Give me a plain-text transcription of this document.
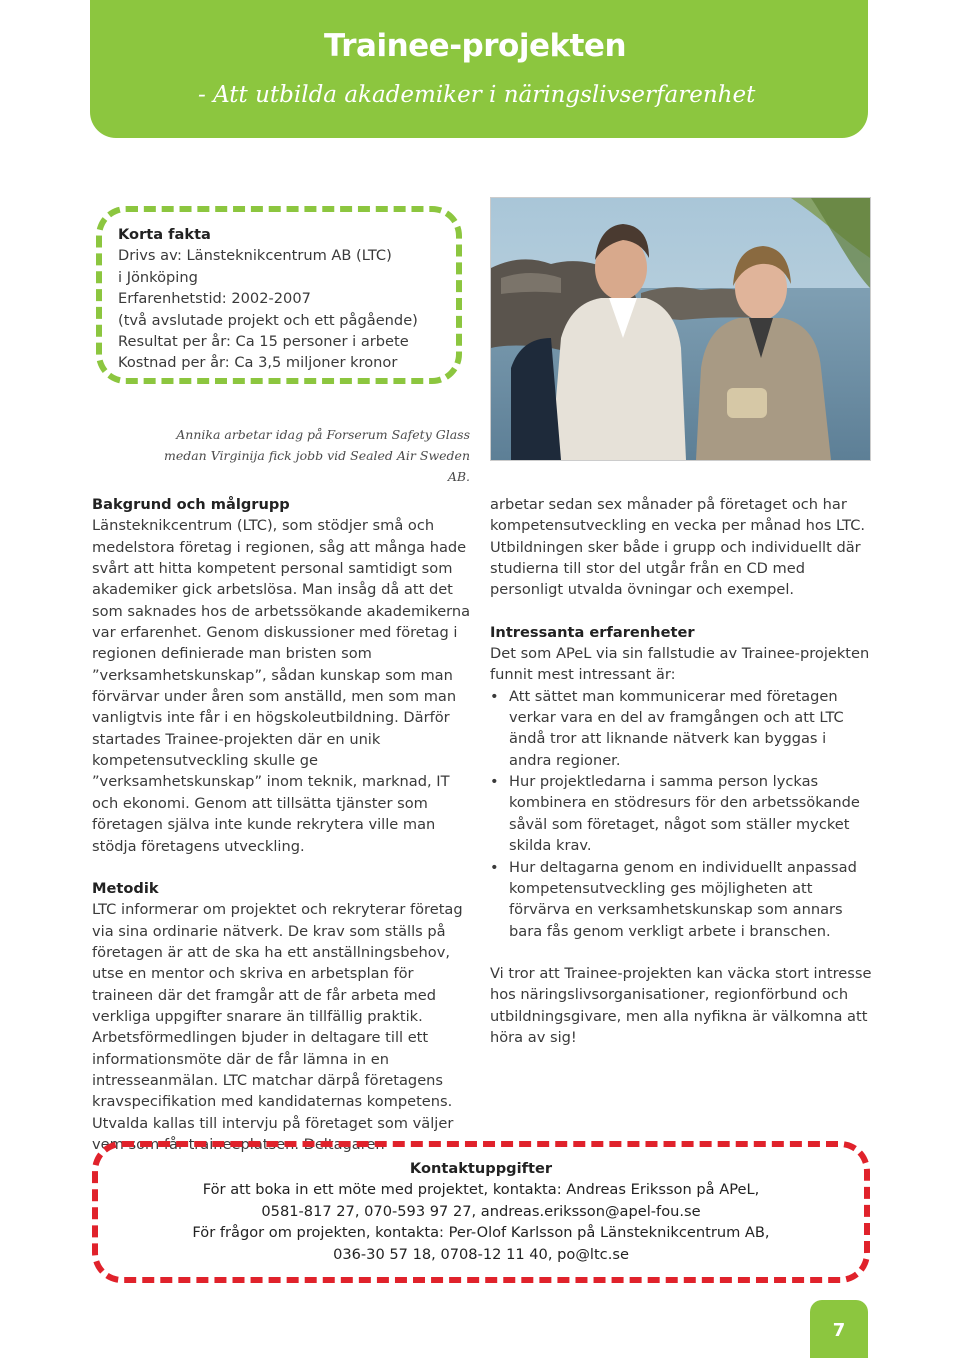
Trainee-projekten
- Att utbilda akademiker i näringslivserfarenhet
Korta fakta
Drivs av: Länsteknikcentrum AB (LTC)
i Jönköping
Erfarenhetstid: 2002-2007
(två avslutade projekt och ett pågående)
Resultat per år: Ca 15 personer i arbete
Kostnad per år: Ca 3,5 miljoner kronor
Annika arbetar idag på Forserum Safety Glass
medan Virginija fick jobb vid Sealed Air Sweden AB.

Bakgrund och målgrupp

Länsteknikcentrum (LTC), som stödjer små och medelstora företag i regionen, såg att många hade svårt att hitta kompetent personal samtidigt som akademiker gick arbetslösa. Man insåg då att det som saknades hos de arbetssökande akademikerna var erfarenhet. Genom diskussioner med företag i regionen definierade man bristen som ”verksamhetskunskap”, sådan kunskap som man förvärvar under åren som anställd, men som man vanligtvis inte får i en högskoleutbildning. Därför startades Trainee-projekten där en unik kompetensutveckling skulle ge ”verksamhetskunskap” inom teknik, marknad, IT och ekonomi. Genom att tillsätta tjänster som företagen själva inte kunde rekrytera ville man stödja företagens utveckling.

Metodik

LTC informerar om projektet och rekryterar företag via sina ordinarie nätverk. De krav som ställs på företagen är att de ska ha ett anställningsbehov, utse en mentor och skriva en arbetsplan för traineen där det framgår att de får arbeta med verkliga uppgifter snarare än tillfällig praktik. Arbetsförmedlingen bjuder in deltagare till ett informationsmöte där de får lämna in en intresseanmälan. LTC matchar därpå företagens kravspecifikation med kandidaternas kompetens. Utvalda kallas till intervju på företaget som väljer vem som får traineeplatsen. Deltagaren

arbetar sedan sex månader på företaget och har kompetensutveckling en vecka per månad hos LTC. Utbildningen sker både i grupp och individuellt där studierna till stor del utgår från en CD med personligt utvalda övningar och exempel.

Intressanta erfarenheter

Det som APeL via sin fallstudie av Trainee-projekten funnit mest intressant är:

• Att sättet man kommunicerar med företagen verkar vara en del av framgången och att LTC ändå tror att liknande nätverk kan byggas i andra regioner.
• Hur projektledarna i samma person lyckas kombinera en stödresurs för den arbetssökande såväl som företaget, något som ställer mycket skilda krav.
• Hur deltagarna genom en individuellt anpassad kompetensutveckling ges möjligheten att förvärva en verksamhetskunskap som annars bara fås genom verkligt arbete i branschen.

Vi tror att Trainee-projekten kan väcka stort intresse hos näringslivsorganisationer, regionförbund och utbildningsgivare, men alla nyfikna är välkomna att höra av sig!

Kontaktuppgifter
För att boka in ett möte med projektet, kontakta: Andreas Eriksson på APeL,
0581-817 27, 070-593 97 27, andreas.eriksson@apel-fou.se
För frågor om projekten, kontakta: Per-Olof Karlsson på Länsteknikcentrum AB,
036-30 57 18, 0708-12 11 40, po@ltc.se
7
